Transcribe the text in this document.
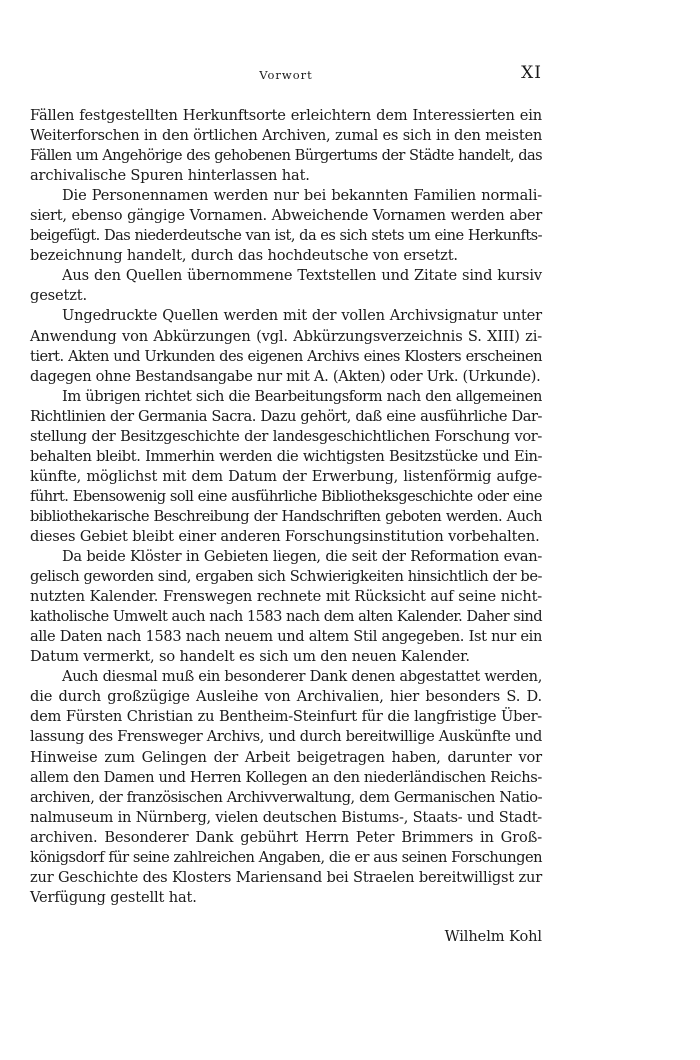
Vorwort	XI
Fällen festgestellten Herkunftsorte erleichtern dem Interessierten ein
Weiterforschen in den örtlichen Archiven, zumal es sich in den meisten
Fällen um Angehörige des gehobenen Bürgertums der Städte handelt, das
archivalische Spuren hinterlassen hat.
Die Personennamen werden nur bei bekannten Familien normali-
siert, ebenso gängige Vornamen. Abweichende Vornamen werden aber
beigefügt. Das niederdeutsche van ist, da es sich stets um eine Herkunfts-
bezeichnung handelt, durch das hochdeutsche von ersetzt.
Aus den Quellen übernommene Textstellen und Zitate sind kursiv
gesetzt.
Ungedruckte Quellen werden mit der vollen Archivsignatur unter
Anwendung von Abkürzungen (vgl. Abkürzungsverzeichnis S. XIII) zi-
tiert. Akten und Urkunden des eigenen Archivs eines Klosters erscheinen
dagegen ohne Bestandsangabe nur mit A. (Akten) oder Urk. (Urkunde).
Im übrigen richtet sich die Bearbeitungsform nach den allgemeinen
Richtlinien der Germania Sacra. Dazu gehört, daß eine ausführliche Dar-
stellung der Besitzgeschichte der landesgeschichtlichen Forschung vor-
behalten bleibt. Immerhin werden die wichtigsten Besitzstücke und Ein-
künfte, möglichst mit dem Datum der Erwerbung, listenförmig aufge-
führt. Ebensowenig soll eine ausführliche Bibliotheksgeschichte oder eine
bibliothekarische Beschreibung der Handschriften geboten werden. Auch
dieses Gebiet bleibt einer anderen Forschungsinstitution vorbehalten.
Da beide Klöster in Gebieten liegen, die seit der Reformation evan-
gelisch geworden sind, ergaben sich Schwierigkeiten hinsichtlich der be-
nutzten Kalender. Frenswegen rechnete mit Rücksicht auf seine nicht-
katholische Umwelt auch nach 1583 nach dem alten Kalender. Daher sind
alle Daten nach 1583 nach neuem und altem Stil angegeben. Ist nur ein
Datum vermerkt, so handelt es sich um den neuen Kalender.
Auch diesmal muß ein besonderer Dank denen abgestattet werden,
die durch großzügige Ausleihe von Archivalien, hier besonders S. D.
dem Fürsten Christian zu Bentheim-Steinfurt für die langfristige Über-
lassung des Frensweger Archivs, und durch bereitwillige Auskünfte und
Hinweise zum Gelingen der Arbeit beigetragen haben, darunter vor
allem den Damen und Herren Kollegen an den niederländischen Reichs-
archiven, der französischen Archivverwaltung, dem Germanischen Natio-
nalmuseum in Nürnberg, vielen deutschen Bistums-, Staats- und Stadt-
archiven. Besonderer Dank gebührt Herrn Peter Brimmers in Groß-
königsdorf für seine zahlreichen Angaben, die er aus seinen Forschungen
zur Geschichte des Klosters Mariensand bei Straelen bereitwilligst zur
Verfügung gestellt hat.
Wilhelm Kohl
